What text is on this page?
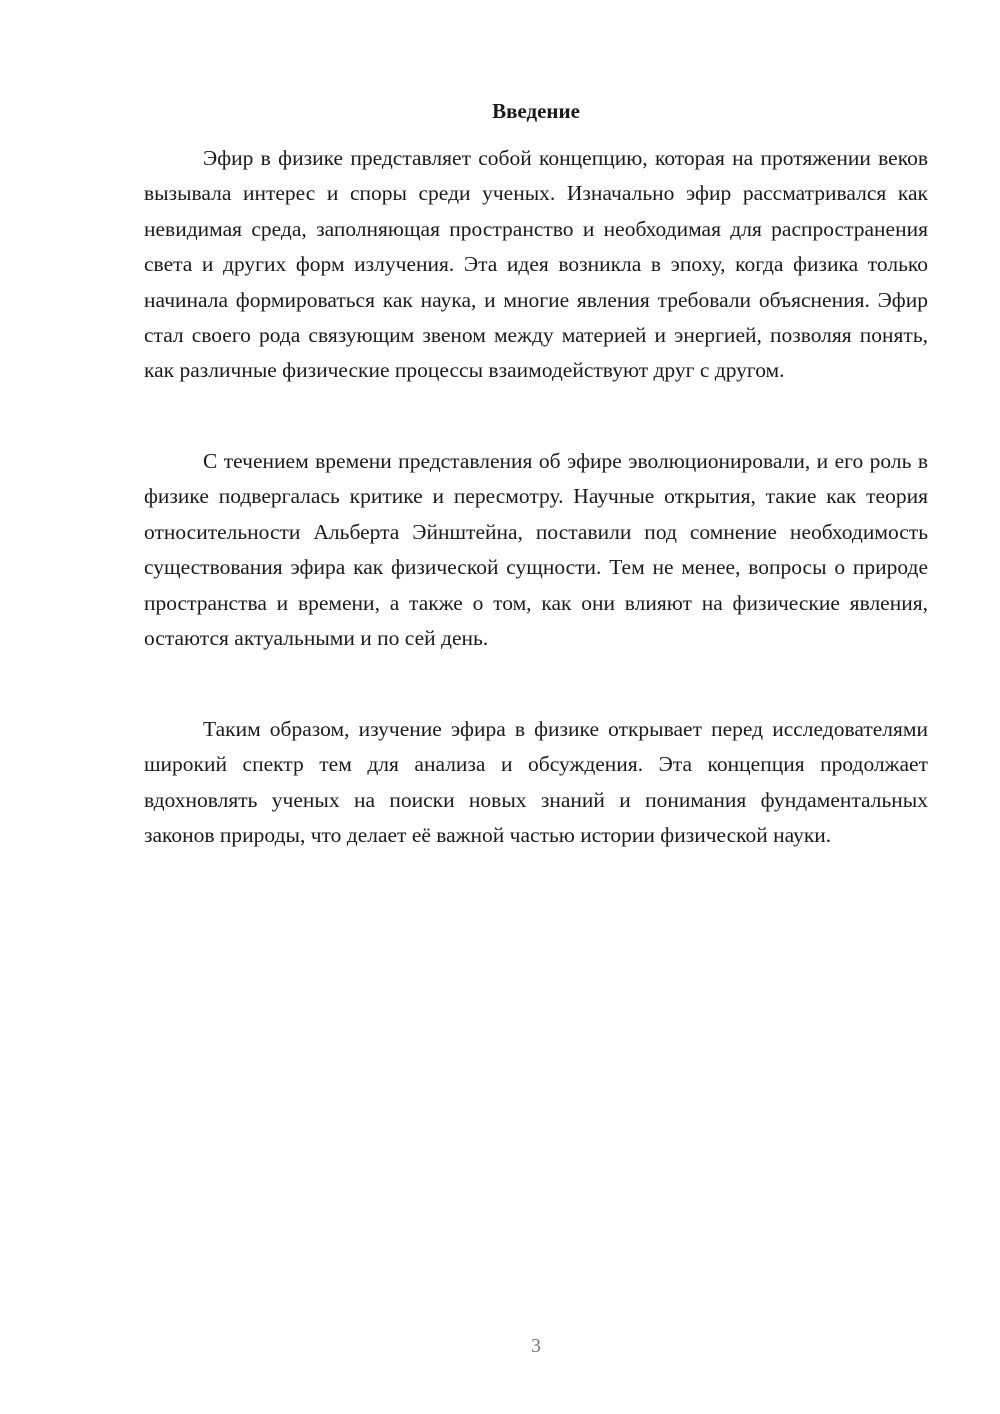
Введение

Эфир в физике представляет собой концепцию, которая на протяжении веков вызывала интерес и споры среди ученых. Изначально эфир рассматривался как невидимая среда, заполняющая пространство и необходимая для распространения света и других форм излучения. Эта идея возникла в эпоху, когда физика только начинала формироваться как наука, и многие явления требовали объяснения. Эфир стал своего рода связующим звеном между материей и энергией, позволяя понять, как различные физические процессы взаимодействуют друг с другом.

С течением времени представления об эфире эволюционировали, и его роль в физике подвергалась критике и пересмотру. Научные открытия, такие как теория относительности Альберта Эйнштейна, поставили под сомнение необходимость существования эфира как физической сущности. Тем не менее, вопросы о природе пространства и времени, а также о том, как они влияют на физические явления, остаются актуальными и по сей день.

Таким образом, изучение эфира в физике открывает перед исследователями широкий спектр тем для анализа и обсуждения. Эта концепция продолжает вдохновлять ученых на поиски новых знаний и понимания фундаментальных законов природы, что делает её важной частью истории физической науки.

3
